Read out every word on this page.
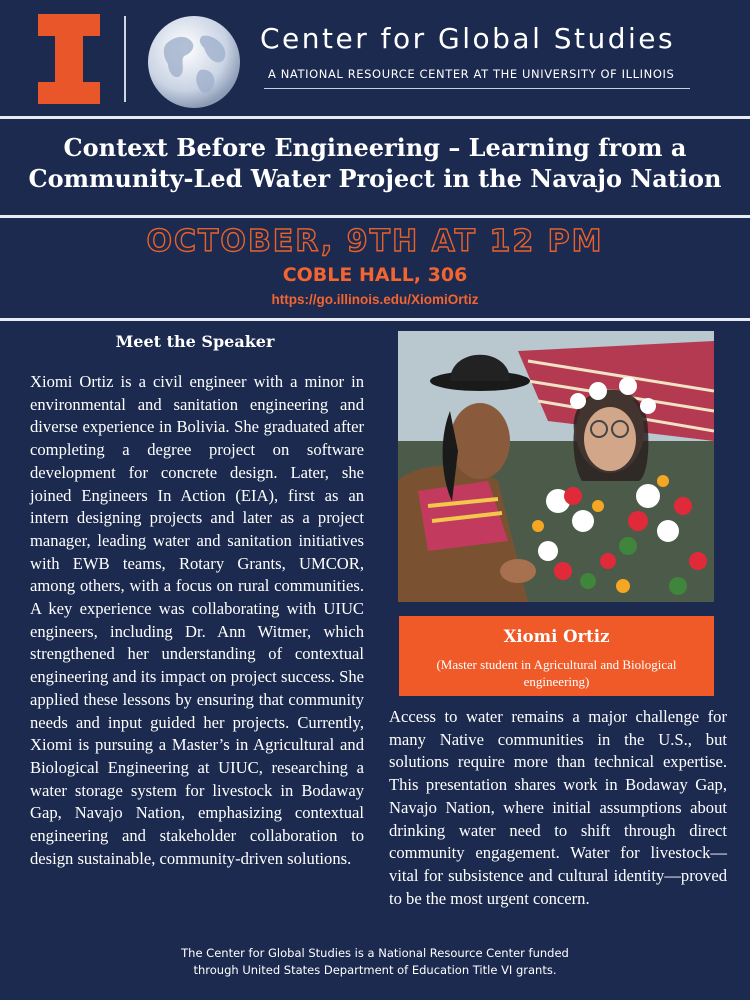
Center for Global Studies
A NATIONAL RESOURCE CENTER AT THE UNIVERSITY OF ILLINOIS
Context Before Engineering – Learning from a Community-Led Water Project in the Navajo Nation
OCTOBER, 9TH AT 12 PM
COBLE HALL, 306
https://go.illinois.edu/XiomiOrtiz
Meet the Speaker

Xiomi Ortiz is a civil engineer with a minor in environmental and sanitation engineering and diverse experience in Bolivia. She graduated after completing a degree project on software development for concrete design. Later, she joined Engineers In Action (EIA), first as an intern designing projects and later as a project manager, leading water and sanitation initiatives with EWB teams, Rotary Grants, UMCOR, among others, with a focus on rural communities. A key experience was collaborating with UIUC engineers, including Dr. Ann Witmer, which strengthened her understanding of contextual engineering and its impact on project success. She applied these lessons by ensuring that community needs and input guided her projects. Currently, Xiomi is pursuing a Master’s in Agricultural and Biological Engineering at UIUC, researching a water storage system for livestock in Bodaway Gap, Navajo Nation, emphasizing contextual engineering and stakeholder collaboration to design sustainable, community-driven solutions.

Xiomi Ortiz
(Master student in Agricultural and Biological engineering)

Access to water remains a major challenge for many Native communities in the U.S., but solutions require more than technical expertise. This presentation shares work in Bodaway Gap, Navajo Nation, where initial assumptions about drinking water need to shift through direct community engagement. Water for livestock—vital for subsistence and cultural identity—proved to be the most urgent concern.

The Center for Global Studies is a National Resource Center funded
through United States Department of Education Title VI grants.
